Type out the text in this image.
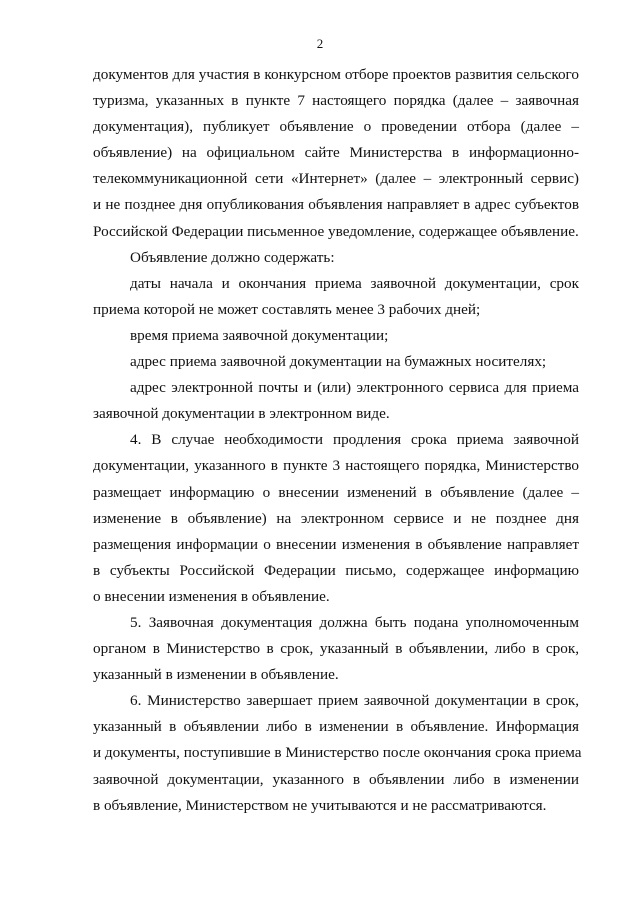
2

документов для участия в конкурсном отборе проектов развития сельского
туризма, указанных в пункте 7 настоящего порядка (далее – заявочная
документация), публикует объявление о проведении отбора (далее –
объявление) на официальном сайте Министерства в информационно-
телекоммуникационной сети «Интернет» (далее – электронный сервис)
и не позднее дня опубликования объявления направляет в адрес субъектов
Российской Федерации письменное уведомление, содержащее объявление.

Объявление должно содержать:

даты начала и окончания приема заявочной документации, срок
приема которой не может составлять менее 3 рабочих дней;

время приема заявочной документации;

адрес приема заявочной документации на бумажных носителях;

адрес электронной почты и (или) электронного сервиса для приема
заявочной документации в электронном виде.

4. В случае необходимости продления срока приема заявочной
документации, указанного в пункте 3 настоящего порядка, Министерство
размещает информацию о внесении изменений в объявление (далее –
изменение в объявление) на электронном сервисе и не позднее дня
размещения информации о внесении изменения в объявление направляет
в субъекты Российской Федерации письмо, содержащее информацию
о внесении изменения в объявление.

5. Заявочная документация должна быть подана уполномоченным
органом в Министерство в срок, указанный в объявлении, либо в срок,
указанный в изменении в объявление.

6. Министерство завершает прием заявочной документации в срок,
указанный в объявлении либо в изменении в объявление. Информация
и документы, поступившие в Министерство после окончания срока приема
заявочной документации, указанного в объявлении либо в изменении
в объявление, Министерством не учитываются и не рассматриваются.
